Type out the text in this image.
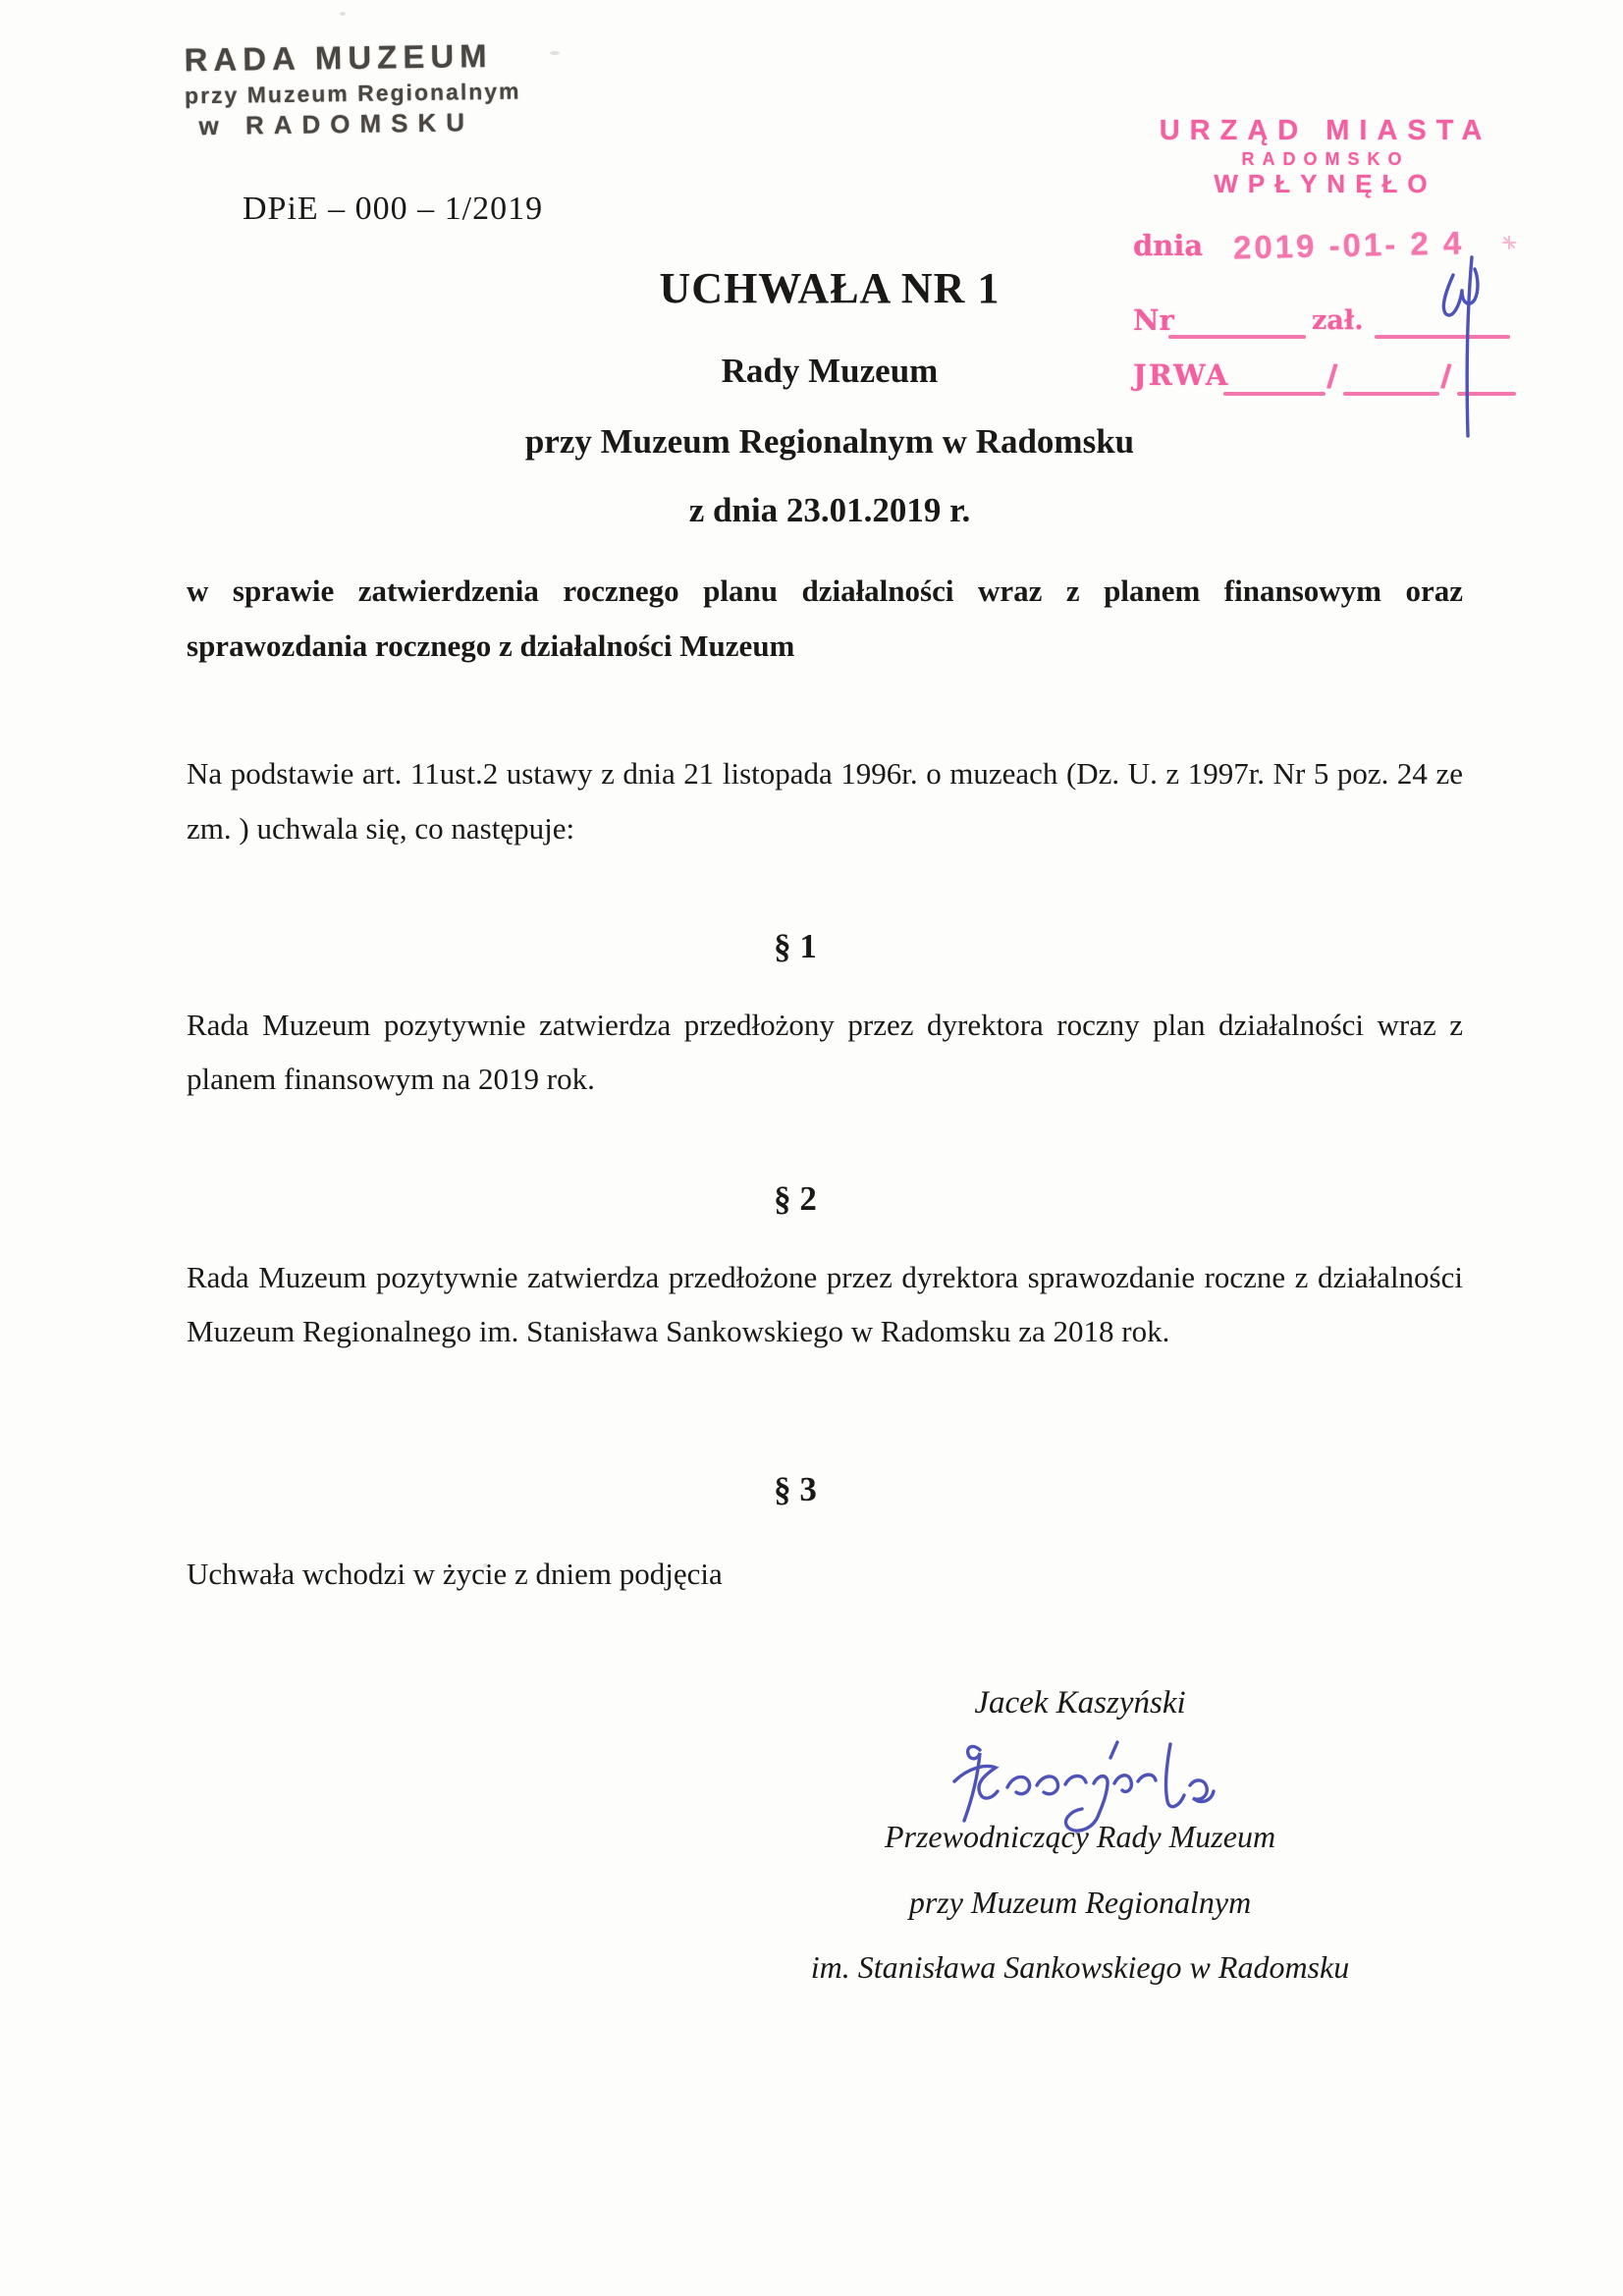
RADA MUZEUM
przy Muzeum Regionalnym
w RADOMSKU
DPiE – 000 – 1/2019
URZĄD MIASTA
RADOMSKO
WPŁYNĘŁO
dnia 2019 -01- 2 4
Nr	zał.
JRWA	/	/
UCHWAŁA NR 1
Rady Muzeum
przy Muzeum Regionalnym w Radomsku
z dnia 23.01.2019 r.
w sprawie zatwierdzenia rocznego planu działalności wraz z planem finansowym oraz sprawozdania rocznego z działalności Muzeum
Na podstawie art. 11ust.2 ustawy z dnia 21 listopada 1996r. o muzeach (Dz. U. z 1997r. Nr 5 poz. 24 ze zm. ) uchwala się, co następuje:
§ 1
Rada Muzeum pozytywnie zatwierdza przedłożony przez dyrektora roczny plan działalności wraz z planem finansowym na 2019 rok.
§ 2
Rada Muzeum pozytywnie zatwierdza przedłożone przez dyrektora sprawozdanie roczne z działalności Muzeum Regionalnego im. Stanisława Sankowskiego w Radomsku za 2018 rok.
§ 3
Uchwała wchodzi w życie z dniem podjęcia
Jacek Kaszyński
Przewodniczący Rady Muzeum
przy Muzeum Regionalnym
im. Stanisława Sankowskiego w Radomsku
